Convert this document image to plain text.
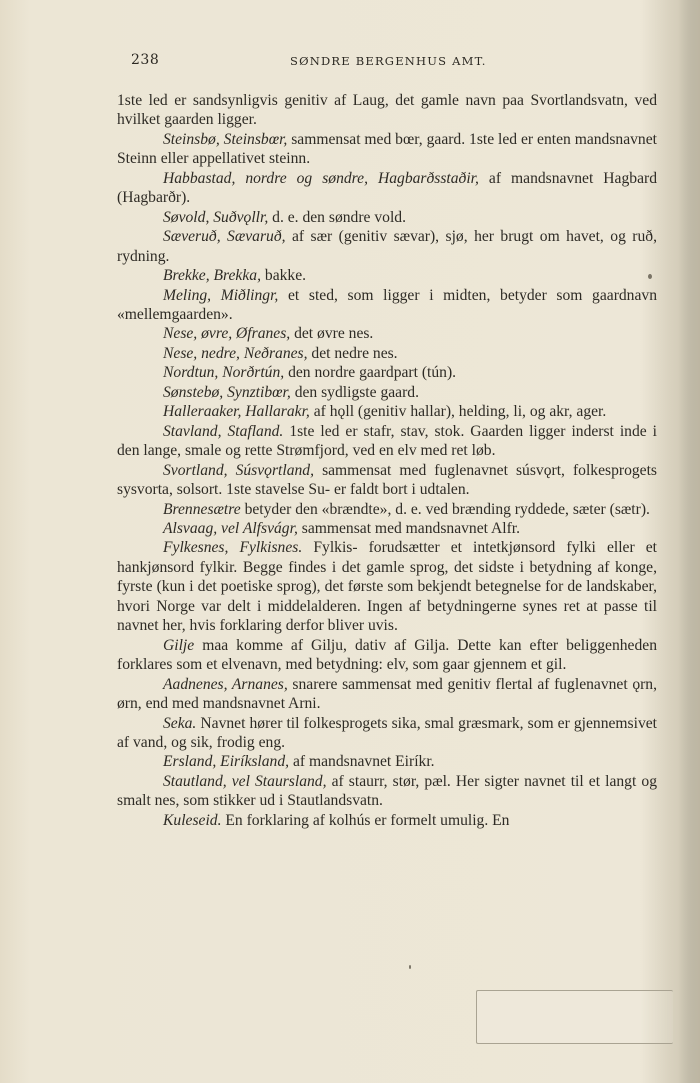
238	SØNDRE BERGENHUS AMT.

1ste led er sandsynligvis genitiv af Laug, det gamle navn paa Svortlandsvatn, ved hvilket gaarden ligger.

Steinsbø, Steinsbœr, sammensat med bœr, gaard. 1ste led er enten mandsnavnet Steinn eller appellativet steinn.

Habbastad, nordre og søndre, Hagbarðsstaðir, af mandsnavnet Hagbard (Hagbarðr).

Søvold, Suðvǫllr, d. e. den søndre vold.

Sæveruð, Sævaruð, af sær (genitiv sævar), sjø, her brugt om havet, og ruð, rydning.

Brekke, Brekka, bakke.

Meling, Miðlingr, et sted, som ligger i midten, betyder som gaardnavn «mellemgaarden».

Nese, øvre, Øfranes, det øvre nes.

Nese, nedre, Neðranes, det nedre nes.

Nordtun, Norðrtún, den nordre gaardpart (tún).

Sønstebø, Synztibœr, den sydligste gaard.

Halleraaker, Hallarakr, af hǫll (genitiv hallar), helding, li, og akr, ager.

Stavland, Stafland. 1ste led er stafr, stav, stok. Gaarden ligger inderst inde i den lange, smale og rette Strømfjord, ved en elv med ret løb.

Svortland, Súsvǫrtland, sammensat med fuglenavnet súsvǫrt, folkesprogets sysvorta, solsort. 1ste stavelse Su- er faldt bort i udtalen.

Brennesætre betyder den «brændte», d. e. ved brænding ryddede, sæter (sætr).

Alsvaag, vel Alfsvágr, sammensat med mandsnavnet Alfr.

Fylkesnes, Fylkisnes. Fylkis- forudsætter et intetkjønsord fylki eller et hankjønsord fylkir. Begge findes i det gamle sprog, det sidste i betydning af konge, fyrste (kun i det poetiske sprog), det første som bekjendt betegnelse for de landskaber, hvori Norge var delt i middelalderen. Ingen af betydningerne synes ret at passe til navnet her, hvis forklaring derfor bliver uvis.

Gilje maa komme af Gilju, dativ af Gilja. Dette kan efter beliggenheden forklares som et elvenavn, med betydning: elv, som gaar gjennem et gil.

Aadnenes, Arnanes, snarere sammensat med genitiv flertal af fuglenavnet ǫrn, ørn, end med mandsnavnet Arni.

Seka. Navnet hører til folkesprogets sika, smal græsmark, som er gjennemsivet af vand, og sik, frodig eng.

Ersland, Eiríksland, af mandsnavnet Eiríkr.

Stautland, vel Staursland, af staurr, stør, pæl. Her sigter navnet til et langt og smalt nes, som stikker ud i Stautlandsvatn.

Kuleseid. En forklaring af kolhús er formelt umulig. En
